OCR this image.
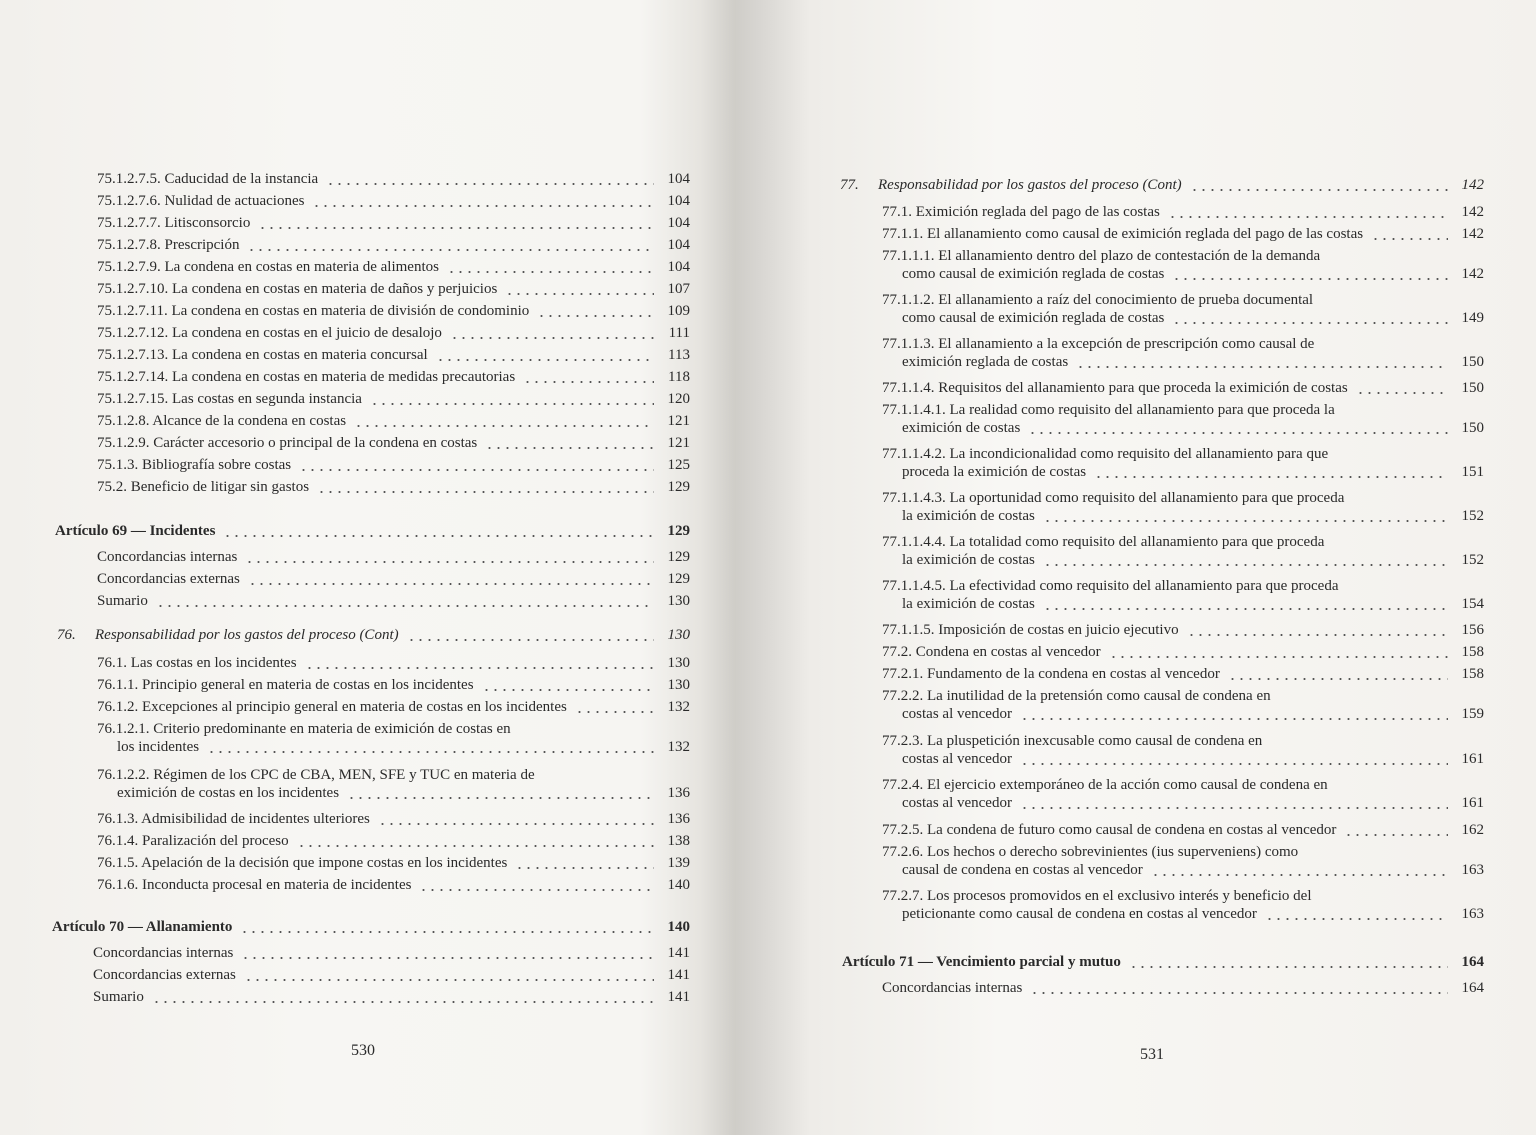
75.1.2.7.5. Caducidad de la instancia	104
75.1.2.7.6. Nulidad de actuaciones	104
75.1.2.7.7. Litisconsorcio	104
75.1.2.7.8. Prescripción	104
75.1.2.7.9. La condena en costas en materia de alimentos	104
75.1.2.7.10. La condena en costas en materia de daños y perjuicios	107
75.1.2.7.11. La condena en costas en materia de división de condominio	109
75.1.2.7.12. La condena en costas en el juicio de desalojo	111
75.1.2.7.13. La condena en costas en materia concursal	113
75.1.2.7.14. La condena en costas en materia de medidas precautorias	118
75.1.2.7.15. Las costas en segunda instancia	120
75.1.2.8. Alcance de la condena en costas	121
75.1.2.9. Carácter accesorio o principal de la condena en costas	121
75.1.3. Bibliografía sobre costas	125
75.2. Beneficio de litigar sin gastos	129
Artículo 69 — Incidentes	129
Concordancias internas	129
Concordancias externas	129
Sumario	130
76.	Responsabilidad por los gastos del proceso (Cont)	130
76.1. Las costas en los incidentes	130
76.1.1. Principio general en materia de costas en los incidentes	130
76.1.2. Excepciones al principio general en materia de costas en los incidentes	132
76.1.2.1. Criterio predominante en materia de eximición de costas en
los incidentes	132
76.1.2.2. Régimen de los CPC de CBA, MEN, SFE y TUC en materia de
eximición de costas en los incidentes	136
76.1.3. Admisibilidad de incidentes ulteriores	136
76.1.4. Paralización del proceso	138
76.1.5. Apelación de la decisión que impone costas en los incidentes	139
76.1.6. Inconducta procesal en materia de incidentes	140
Artículo 70 — Allanamiento	140
Concordancias internas	141
Concordancias externas	141
Sumario	141
530
77.	Responsabilidad por los gastos del proceso (Cont)	142
77.1. Eximición reglada del pago de las costas	142
77.1.1. El allanamiento como causal de eximición reglada del pago de las costas	142
77.1.1.1. El allanamiento dentro del plazo de contestación de la demanda
como causal de eximición reglada de costas	142
77.1.1.2. El allanamiento a raíz del conocimiento de prueba documental
como causal de eximición reglada de costas	149
77.1.1.3. El allanamiento a la excepción de prescripción como causal de
eximición reglada de costas	150
77.1.1.4. Requisitos del allanamiento para que proceda la eximición de costas	150
77.1.1.4.1. La realidad como requisito del allanamiento para que proceda la
eximición de costas	150
77.1.1.4.2. La incondicionalidad como requisito del allanamiento para que
proceda la eximición de costas	151
77.1.1.4.3. La oportunidad como requisito del allanamiento para que proceda
la eximición de costas	152
77.1.1.4.4. La totalidad como requisito del allanamiento para que proceda
la eximición de costas	152
77.1.1.4.5. La efectividad como requisito del allanamiento para que proceda
la eximición de costas	154
77.1.1.5. Imposición de costas en juicio ejecutivo	156
77.2. Condena en costas al vencedor	158
77.2.1. Fundamento de la condena en costas al vencedor	158
77.2.2. La inutilidad de la pretensión como causal de condena en
costas al vencedor	159
77.2.3. La pluspetición inexcusable como causal de condena en
costas al vencedor	161
77.2.4. El ejercicio extemporáneo de la acción como causal de condena en
costas al vencedor	161
77.2.5. La condena de futuro como causal de condena en costas al vencedor	162
77.2.6. Los hechos o derecho sobrevinientes (ius superveniens) como
causal de condena en costas al vencedor	163
77.2.7. Los procesos promovidos en el exclusivo interés y beneficio del
peticionante como causal de condena en costas al vencedor	163
Artículo 71 — Vencimiento parcial y mutuo	164
Concordancias internas	164
531
